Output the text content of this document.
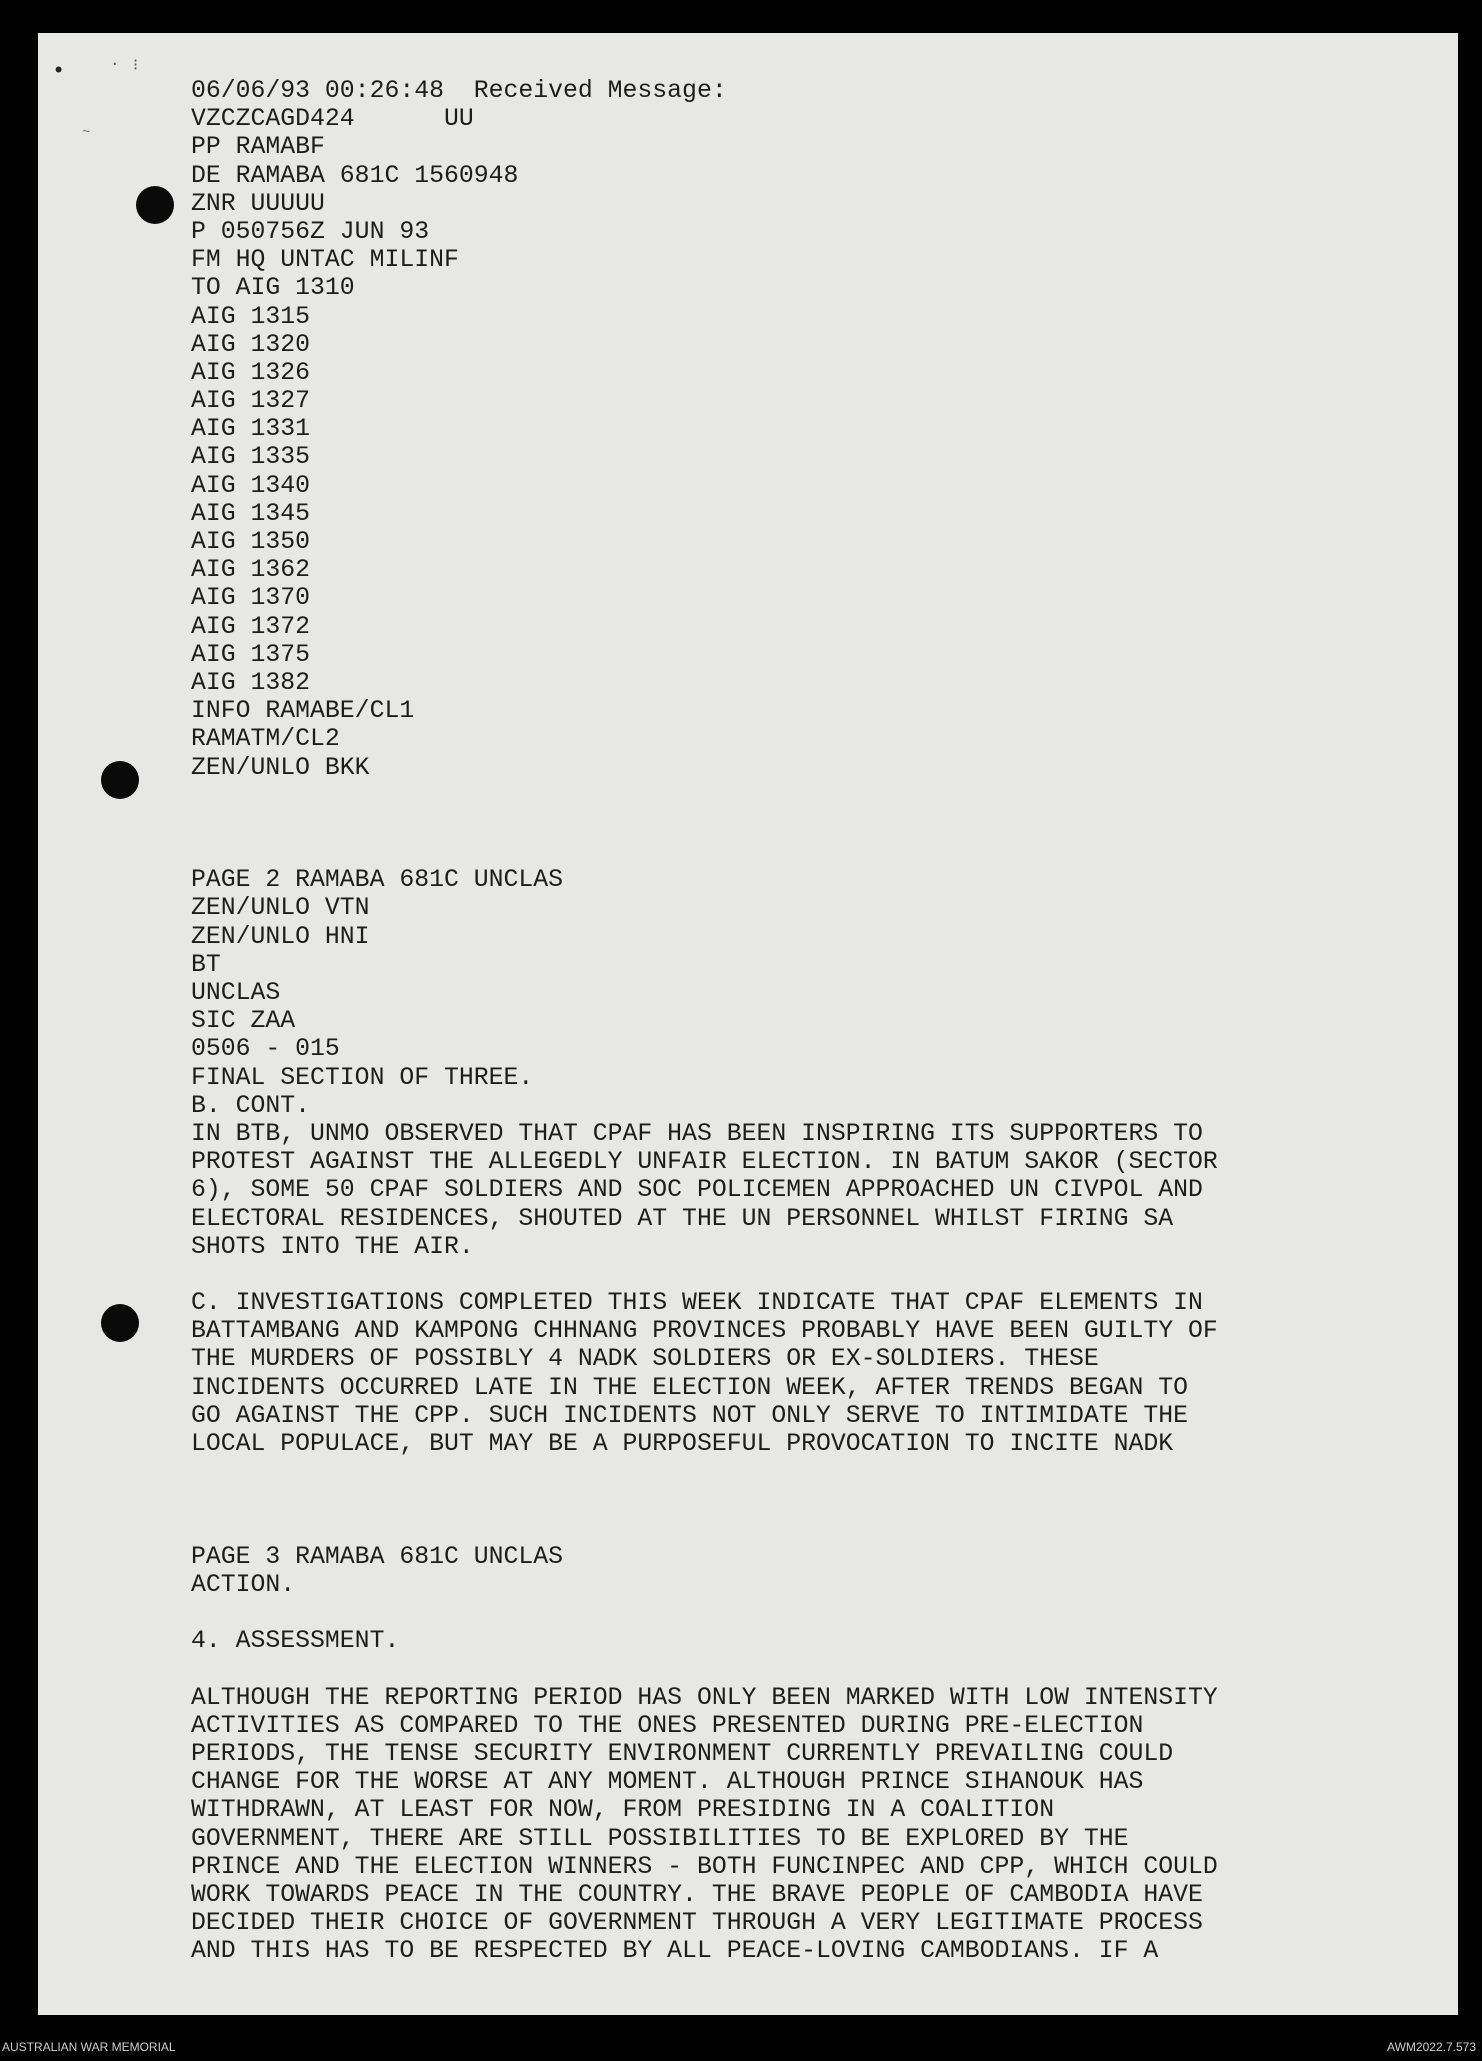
•	· ⁝
~
06/06/93 00:26:48  Received Message:
VZCZCAGD424      UU
PP RAMABF
DE RAMABA 681C 1560948
ZNR UUUUU
P 050756Z JUN 93
FM HQ UNTAC MILINF
TO AIG 1310
AIG 1315
AIG 1320
AIG 1326
AIG 1327
AIG 1331
AIG 1335
AIG 1340
AIG 1345
AIG 1350
AIG 1362
AIG 1370
AIG 1372
AIG 1375
AIG 1382
INFO RAMABE/CL1
RAMATM/CL2
ZEN/UNLO BKK
PAGE 2 RAMABA 681C UNCLAS
ZEN/UNLO VTN
ZEN/UNLO HNI
BT
UNCLAS
SIC ZAA
0506 - 015
FINAL SECTION OF THREE.
B. CONT.
IN BTB, UNMO OBSERVED THAT CPAF HAS BEEN INSPIRING ITS SUPPORTERS TO
PROTEST AGAINST THE ALLEGEDLY UNFAIR ELECTION. IN BATUM SAKOR (SECTOR
6), SOME 50 CPAF SOLDIERS AND SOC POLICEMEN APPROACHED UN CIVPOL AND
ELECTORAL RESIDENCES, SHOUTED AT THE UN PERSONNEL WHILST FIRING SA
SHOTS INTO THE AIR.
C. INVESTIGATIONS COMPLETED THIS WEEK INDICATE THAT CPAF ELEMENTS IN
BATTAMBANG AND KAMPONG CHHNANG PROVINCES PROBABLY HAVE BEEN GUILTY OF
THE MURDERS OF POSSIBLY 4 NADK SOLDIERS OR EX-SOLDIERS. THESE
INCIDENTS OCCURRED LATE IN THE ELECTION WEEK, AFTER TRENDS BEGAN TO
GO AGAINST THE CPP. SUCH INCIDENTS NOT ONLY SERVE TO INTIMIDATE THE
LOCAL POPULACE, BUT MAY BE A PURPOSEFUL PROVOCATION TO INCITE NADK
PAGE 3 RAMABA 681C UNCLAS
ACTION.
4. ASSESSMENT.
ALTHOUGH THE REPORTING PERIOD HAS ONLY BEEN MARKED WITH LOW INTENSITY
ACTIVITIES AS COMPARED TO THE ONES PRESENTED DURING PRE-ELECTION
PERIODS, THE TENSE SECURITY ENVIRONMENT CURRENTLY PREVAILING COULD
CHANGE FOR THE WORSE AT ANY MOMENT. ALTHOUGH PRINCE SIHANOUK HAS
WITHDRAWN, AT LEAST FOR NOW, FROM PRESIDING IN A COALITION
GOVERNMENT, THERE ARE STILL POSSIBILITIES TO BE EXPLORED BY THE
PRINCE AND THE ELECTION WINNERS - BOTH FUNCINPEC AND CPP, WHICH COULD
WORK TOWARDS PEACE IN THE COUNTRY. THE BRAVE PEOPLE OF CAMBODIA HAVE
DECIDED THEIR CHOICE OF GOVERNMENT THROUGH A VERY LEGITIMATE PROCESS
AND THIS HAS TO BE RESPECTED BY ALL PEACE-LOVING CAMBODIANS. IF A
AUSTRALIAN WAR MEMORIAL	AWM2022.7.573
